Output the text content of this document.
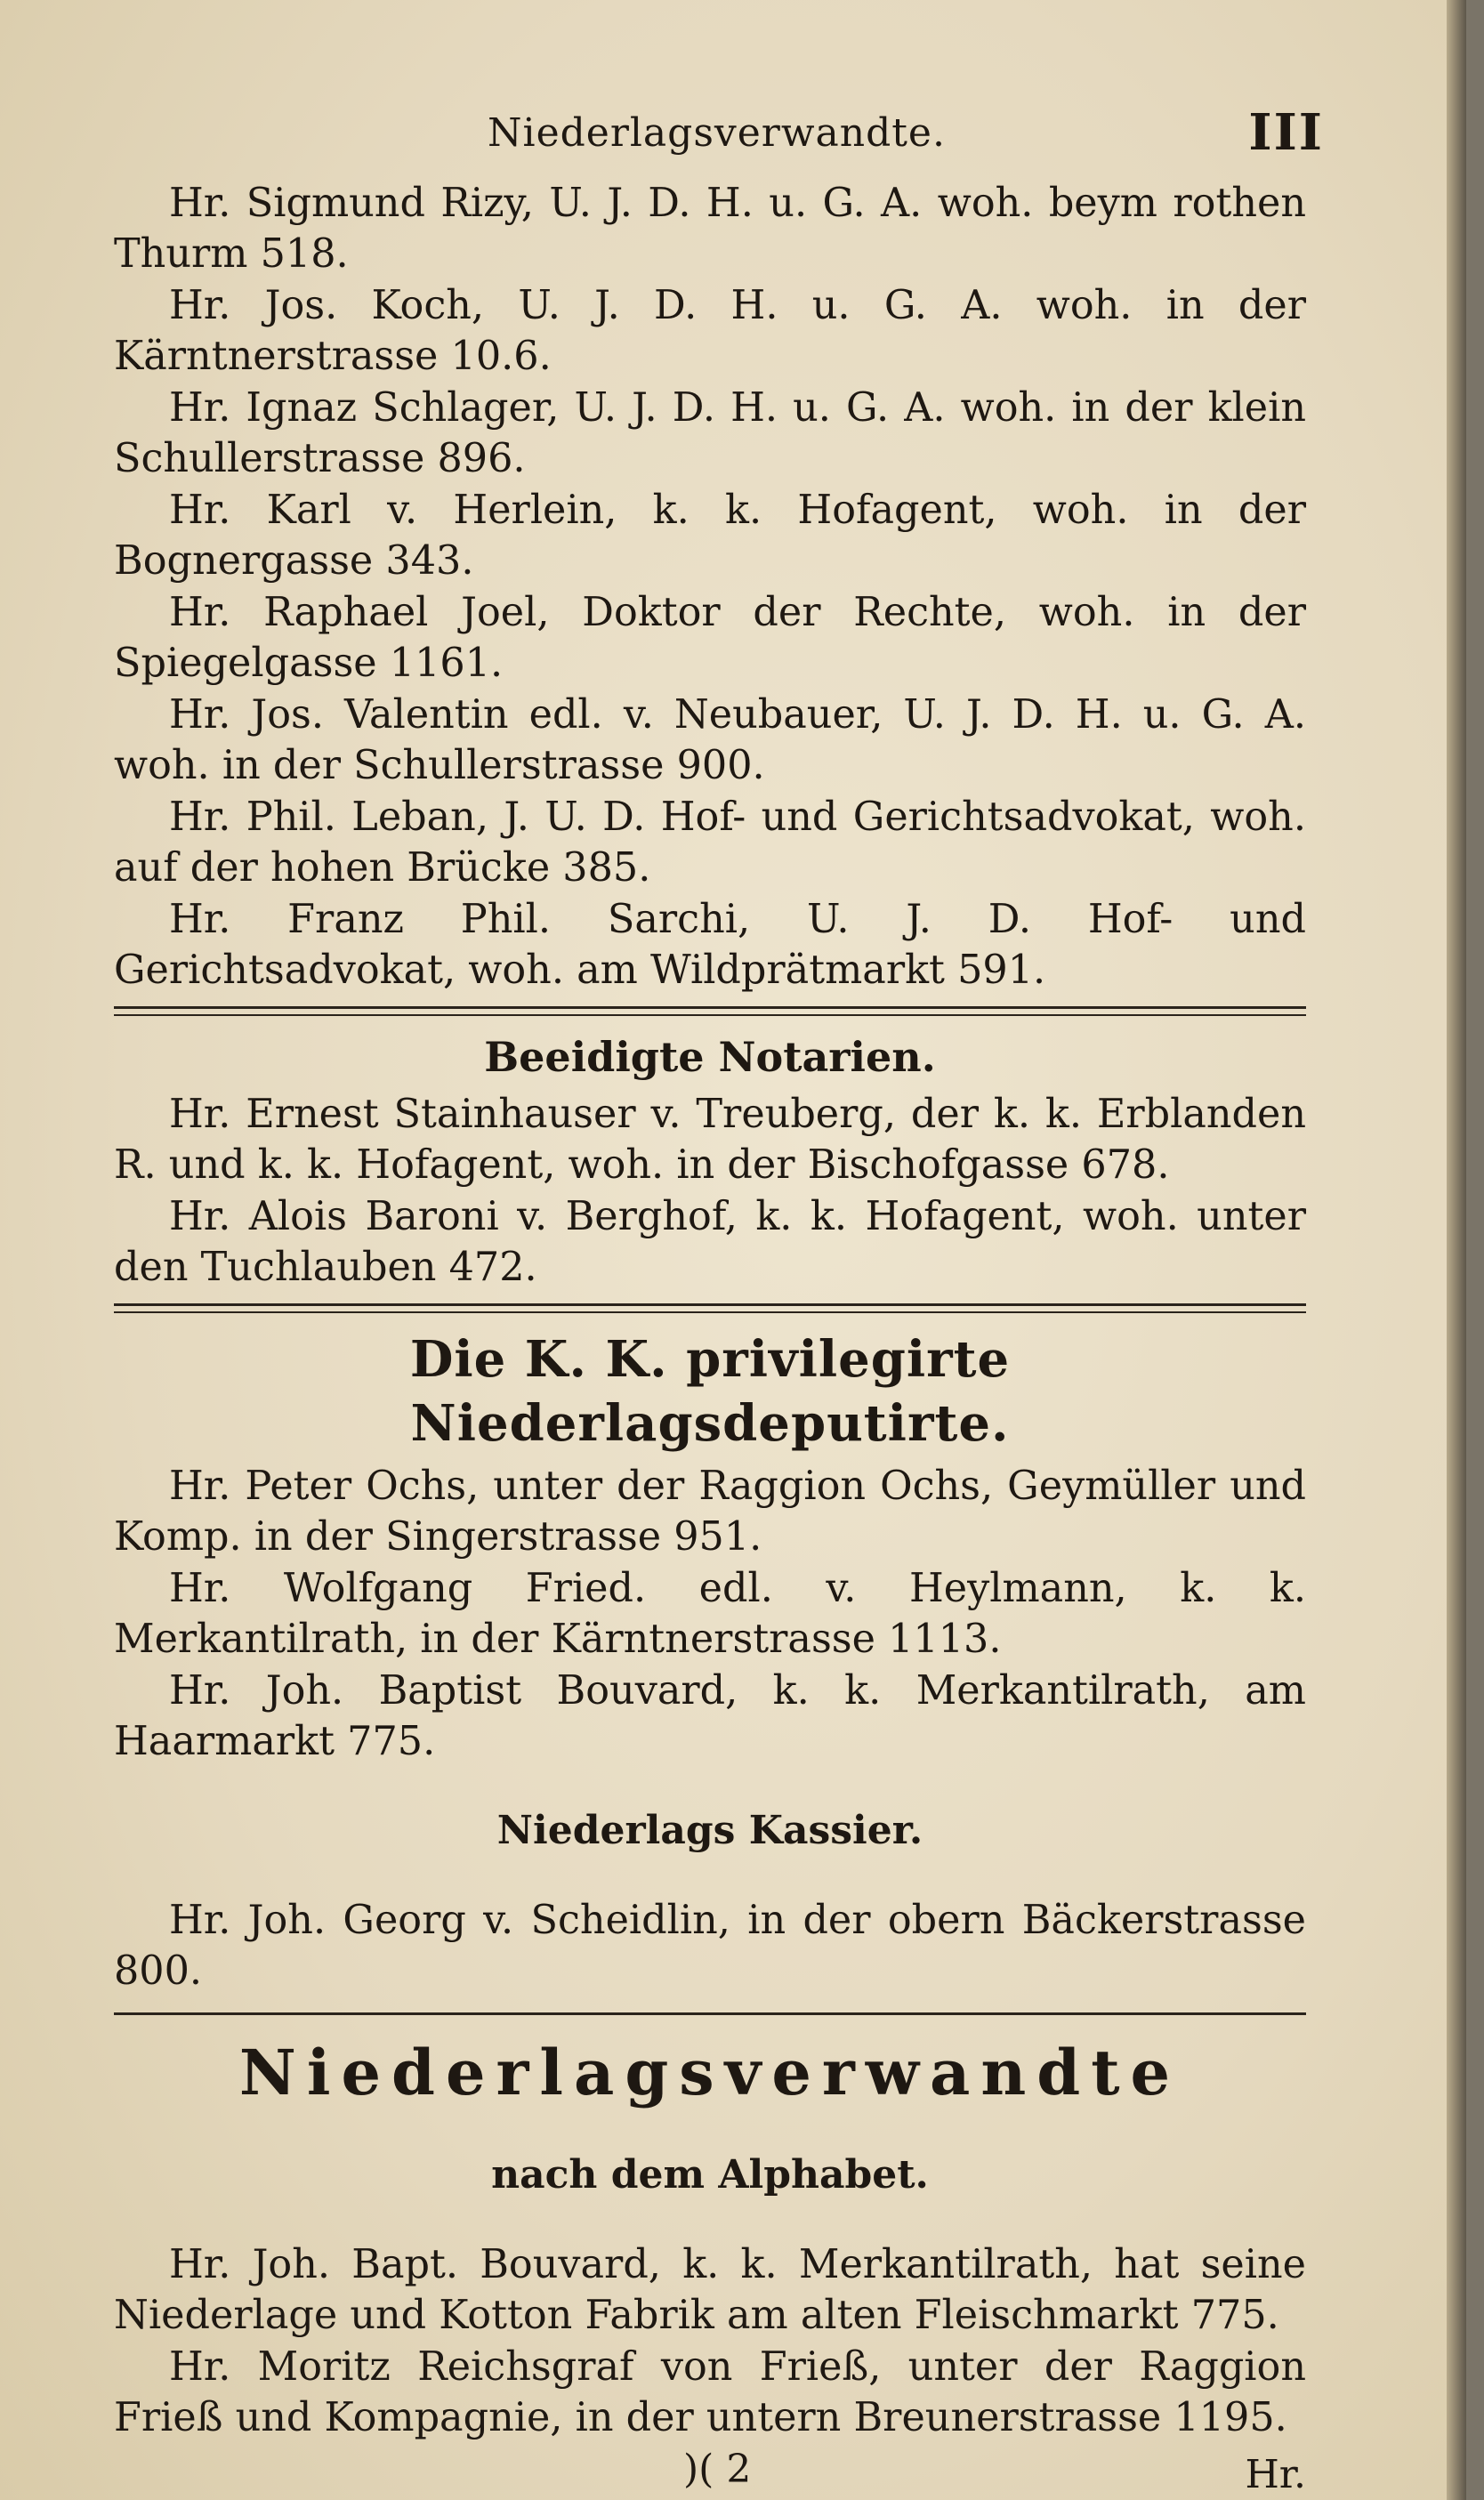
Niederlagsverwandte.	III

Hr. Sigmund Rizy, U. J. D. H. u. G. A. woh. beym rothen Thurm 518.

Hr. Jos. Koch, U. J. D. H. u. G. A. woh. in der Kärntnerstrasse 10.6.

Hr. Ignaz Schlager, U. J. D. H. u. G. A. woh. in der klein Schullerstrasse 896.

Hr. Karl v. Herlein, k. k. Hofagent, woh. in der Bognergasse 343.

Hr. Raphael Joel, Doktor der Rechte, woh. in der Spiegelgasse 1161.

Hr. Jos. Valentin edl. v. Neubauer, U. J. D. H. u. G. A. woh. in der Schullerstrasse 900.

Hr. Phil. Leban, J. U. D. Hof- und Gerichtsadvokat, woh. auf der hohen Brücke 385.

Hr. Franz Phil. Sarchi, U. J. D. Hof- und Gerichtsadvokat, woh. am Wildprätmarkt 591.

Beeidigte Notarien.

Hr. Ernest Stainhauser v. Treuberg, der k. k. Erblanden R. und k. k. Hofagent, woh. in der Bischofgasse 678.

Hr. Alois Baroni v. Berghof, k. k. Hofagent, woh. unter den Tuchlauben 472.

Die K. K. privilegirte Niederlagsdeputirte.

Hr. Peter Ochs, unter der Raggion Ochs, Geymüller und Komp. in der Singerstrasse 951.

Hr. Wolfgang Fried. edl. v. Heylmann, k. k. Merkantilrath, in der Kärntnerstrasse 1113.

Hr. Joh. Baptist Bouvard, k. k. Merkantilrath, am Haarmarkt 775.

Niederlags Kassier.

Hr. Joh. Georg v. Scheidlin, in der obern Bäckerstrasse 800.

Niederlagsverwandte
nach dem Alphabet.

Hr. Joh. Bapt. Bouvard, k. k. Merkantilrath, hat seine Niederlage und Kotton Fabrik am alten Fleischmarkt 775.

Hr. Moritz Reichsgraf von Frieß, unter der Raggion Frieß und Kompagnie, in der untern Breunerstrasse 1195.

)( 2	Hr.
